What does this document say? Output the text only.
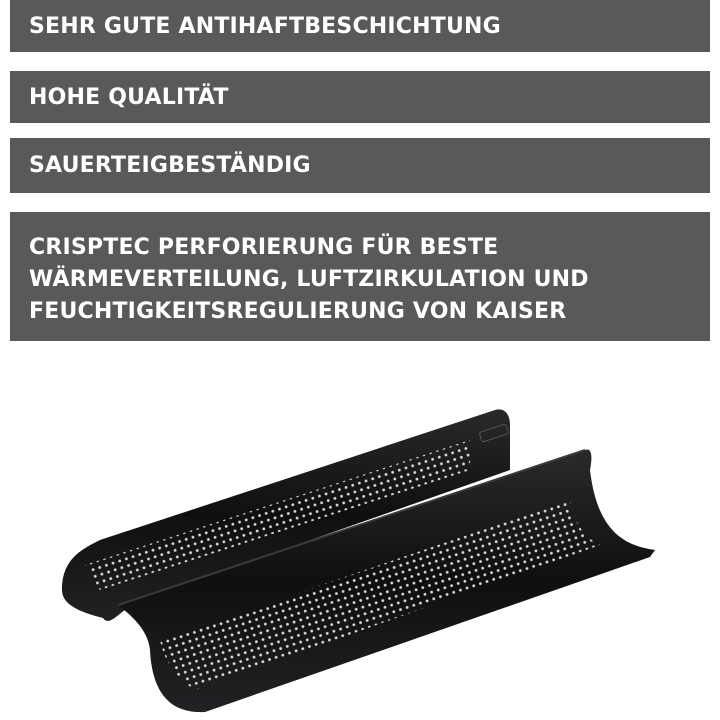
SEHR GUTE ANTIHAFTBESCHICHTUNG
HOHE QUALITÄT
SAUERTEIGBESTÄNDIG
CRISPTEC PERFORIERUNG FÜR BESTE
WÄRMEVERTEILUNG, LUFTZIRKULATION UND
FEUCHTIGKEITSREGULIERUNG VON KAISER
